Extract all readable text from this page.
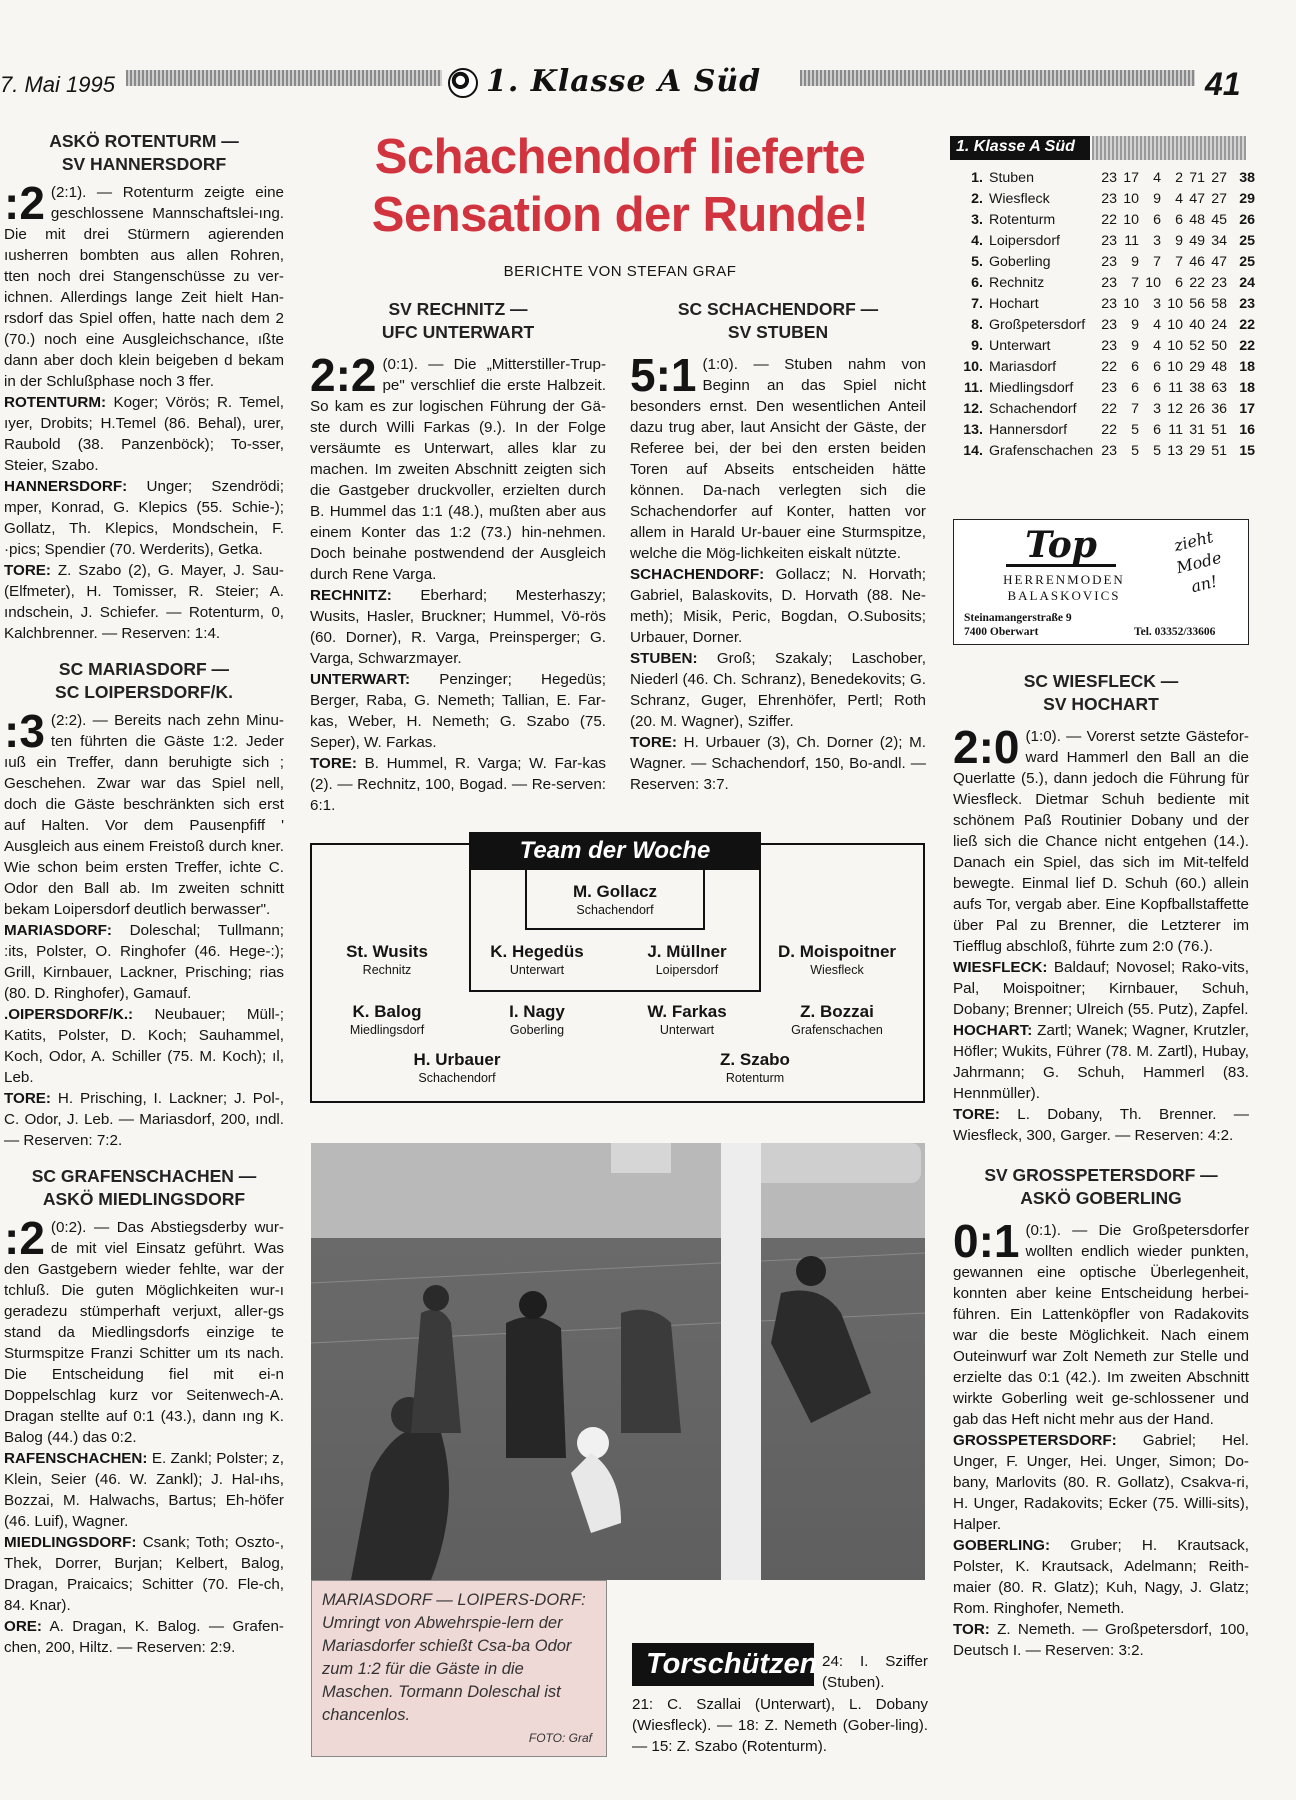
7. Mai 1995	1. Klasse A Süd	41
Schachendorf lieferte
Sensation der Runde!
BERICHTE VON STEFAN GRAF
ASKÖ ROTENTURM —
SV HANNERSDORF

:2 (2:1). — Rotenturm zeigte eine geschlossene Mannschaftslei-ıng. Die mit drei Stürmern agierenden ıusherren bombten aus allen Rohren, tten noch drei Stangenschüsse zu ver-ichnen. Allerdings lange Zeit hielt Han-rsdorf das Spiel offen, hatte nach dem 2 (70.) noch eine Ausgleichschance, ıßte dann aber doch klein beigeben d bekam in der Schlußphase noch 3 ffer.

ROTENTURM: Koger; Vörös; R. Temel, ıyer, Drobits; H.Temel (86. Behal), urer, Raubold (38. Panzenböck); To-sser, Steier, Szabo.

HANNERSDORF: Unger; Szendrödi; mper, Konrad, G. Klepics (55. Schie-); Gollatz, Th. Klepics, Mondschein, F. ·pics; Spendier (70. Werderits), Getka.

TORE: Z. Szabo (2), G. Mayer, J. Sau-(Elfmeter), H. Tomisser, R. Steier; A. ındschein, J. Schiefer. — Rotenturm, 0, Kalchbrenner. — Reserven: 1:4.

SC MARIASDORF —
SC LOIPERSDORF/K.

:3 (2:2). — Bereits nach zehn Minu-ten führten die Gäste 1:2. Jeder ıuß ein Treffer, dann beruhigte sich ; Geschehen. Zwar war das Spiel nell, doch die Gäste beschränkten sich erst auf Halten. Vor dem Pausenpfiff ' Ausgleich aus einem Freistoß durch kner. Wie schon beim ersten Treffer, ichte C. Odor den Ball ab. Im zweiten schnitt bekam Loipersdorf deutlich berwasser".

MARIASDORF: Doleschal; Tullmann; :its, Polster, O. Ringhofer (46. Hege-:); Grill, Kirnbauer, Lackner, Prisching; rias (80. D. Ringhofer), Gamauf.

.OIPERSDORF/K.: Neubauer; Müll-; Katits, Polster, D. Koch; Sauhammel, Koch, Odor, A. Schiller (75. M. Koch); ıl, Leb.

TORE: H. Prisching, I. Lackner; J. Pol-, C. Odor, J. Leb. — Mariasdorf, 200, ındl. — Reserven: 7:2.

SC GRAFENSCHACHEN —
ASKÖ MIEDLINGSDORF

:2 (0:2). — Das Abstiegsderby wur-de mit viel Einsatz geführt. Was den Gastgebern wieder fehlte, war der tchluß. Die guten Möglichkeiten wur-ı geradezu stümperhaft verjuxt, aller-gs stand da Miedlingsdorfs einzige te Sturmspitze Franzi Schitter um ıts nach. Die Entscheidung fiel mit ei-n Doppelschlag kurz vor Seitenwech-A. Dragan stellte auf 0:1 (43.), dann ıng K. Balog (44.) das 0:2.

RAFENSCHACHEN: E. Zankl; Polster; z, Klein, Seier (46. W. Zankl); J. Hal-ıhs, Bozzai, M. Halwachs, Bartus; Eh-höfer (46. Luif), Wagner.

MIEDLINGSDORF: Csank; Toth; Oszto-, Thek, Dorrer, Burjan; Kelbert, Balog, Dragan, Praicaics; Schitter (70. Fle-ch, 84. Knar).

ORE: A. Dragan, K. Balog. — Grafen-chen, 200, Hiltz. — Reserven: 2:9.

SV RECHNITZ —
UFC UNTERWART

2:2 (0:1). — Die „Mitterstiller-Trup-pe" verschlief die erste Halbzeit. So kam es zur logischen Führung der Gä-ste durch Willi Farkas (9.). In der Folge versäumte es Unterwart, alles klar zu machen. Im zweiten Abschnitt zeigten sich die Gastgeber druckvoller, erzielten durch B. Hummel das 1:1 (48.), mußten aber aus einem Konter das 1:2 (73.) hin-nehmen. Doch beinahe postwendend der Ausgleich durch Rene Varga.

RECHNITZ: Eberhard; Mesterhaszy; Wusits, Hasler, Bruckner; Hummel, Vö-rös (60. Dorner), R. Varga, Preinsperger; G. Varga, Schwarzmayer.

UNTERWART: Penzinger; Hegedüs; Berger, Raba, G. Nemeth; Tallian, E. Far-kas, Weber, H. Nemeth; G. Szabo (75. Seper), W. Farkas.

TORE: B. Hummel, R. Varga; W. Far-kas (2). — Rechnitz, 100, Bogad. — Re-serven: 6:1.

SC SCHACHENDORF —
SV STUBEN

5:1 (1:0). — Stuben nahm von Beginn an das Spiel nicht besonders ernst. Den wesentlichen Anteil dazu trug aber, laut Ansicht der Gäste, der Referee bei, der bei den ersten beiden Toren auf Abseits entscheiden hätte können. Da-nach verlegten sich die Schachendorfer auf Konter, hatten vor allem in Harald Ur-bauer eine Sturmspitze, welche die Mög-lichkeiten eiskalt nützte.

SCHACHENDORF: Gollacz; N. Horvath; Gabriel, Balaskovits, D. Horvath (88. Ne-meth); Misik, Peric, Bogdan, O.Subosits; Urbauer, Dorner.

STUBEN: Groß; Szakaly; Laschober, Niederl (46. Ch. Schranz), Benedekovits; G. Schranz, Guger, Ehrenhöfer, Pertl; Roth (20. M. Wagner), Sziffer.

TORE: H. Urbauer (3), Ch. Dorner (2); M. Wagner. — Schachendorf, 150, Bo-andl. — Reserven: 3:7.

1. Klasse A Süd
1.	Stuben	23	17	4	2	71	27	38
2.	Wiesfleck	23	10	9	4	47	27	29
3.	Rotenturm	22	10	6	6	48	45	26
4.	Loipersdorf	23	11	3	9	49	34	25
5.	Goberling	23	9	7	7	46	47	25
6.	Rechnitz	23	7	10	6	22	23	24
7.	Hochart	23	10	3	10	56	58	23
8.	Großpetersdorf	23	9	4	10	40	24	22
9.	Unterwart	23	9	4	10	52	50	22
10.	Mariasdorf	22	6	6	10	29	48	18
11.	Miedlingsdorf	23	6	6	11	38	63	18
12.	Schachendorf	22	7	3	12	26	36	17
13.	Hannersdorf	22	5	6	11	31	51	16
14.	Grafenschachen	23	5	5	13	29	51	15
Top
HERRENMODEN
BALASKOVICS
zieht Mode an!
Steinamangerstraße 9
7400 Oberwart	Tel. 03352/33606
SC WIESFLECK —
SV HOCHART

2:0 (1:0). — Vorerst setzte Gästefor-ward Hammerl den Ball an die Querlatte (5.), dann jedoch die Führung für Wiesfleck. Dietmar Schuh bediente mit schönem Paß Routinier Dobany und der ließ sich die Chance nicht entgehen (14.). Danach ein Spiel, das sich im Mit-telfeld bewegte. Einmal lief D. Schuh (60.) allein aufs Tor, vergab aber. Eine Kopfballstaffette über Pal zu Brenner, die Letzterer im Tiefflug abschloß, führte zum 2:0 (76.).

WIESFLECK: Baldauf; Novosel; Rako-vits, Pal, Moispoitner; Kirnbauer, Schuh, Dobany; Brenner; Ulreich (55. Putz), Zapfel.

HOCHART: Zartl; Wanek; Wagner, Krutzler, Höfler; Wukits, Führer (78. M. Zartl), Hubay, Jahrmann; G. Schuh, Hammerl (83. Hennmüller).

TORE: L. Dobany, Th. Brenner. — Wiesfleck, 300, Garger. — Reserven: 4:2.

SV GROSSPETERSDORF —
ASKÖ GOBERLING

0:1 (0:1). — Die Großpetersdorfer wollten endlich wieder punkten, gewannen eine optische Überlegenheit, konnten aber keine Entscheidung herbei-führen. Ein Lattenköpfler von Radakovits war die beste Möglichkeit. Nach einem Outeinwurf war Zolt Nemeth zur Stelle und erzielte das 0:1 (42.). Im zweiten Abschnitt wirkte Goberling weit ge-schlossener und gab das Heft nicht mehr aus der Hand.

GROSSPETERSDORF: Gabriel; Hel. Unger, F. Unger, Hei. Unger, Simon; Do-bany, Marlovits (80. R. Gollatz), Csakva-ri, H. Unger, Radakovits; Ecker (75. Willi-sits), Halper.

GOBERLING: Gruber; H. Krautsack, Polster, K. Krautsack, Adelmann; Reith-maier (80. R. Glatz); Kuh, Nagy, J. Glatz; Rom. Ringhofer, Nemeth.

TOR: Z. Nemeth. — Großpetersdorf, 100, Deutsch I. — Reserven: 3:2.

Team der Woche
M. Gollacz
Schachendorf
St. Wusits
Rechnitz
K. Hegedüs
Unterwart
J. Müllner
Loipersdorf
D. Moispoitner
Wiesfleck
K. Balog
Miedlingsdorf
I. Nagy
Goberling
W. Farkas
Unterwart
Z. Bozzai
Grafenschachen
H. Urbauer
Schachendorf
Z. Szabo
Rotenturm
MARIASDORF — LOIPERS-DORF: Umringt von Abwehrspie-lern der Mariasdorfer schießt Csa-ba Odor zum 1:2 für die Gäste in die Maschen. Tormann Doleschal ist chancenlos.
FOTO: Graf
Torschützen 24: I. Sziffer (Stuben).
21: C. Szallai (Unterwart), L. Dobany (Wiesfleck). — 18: Z. Nemeth (Gober-ling). — 15: Z. Szabo (Rotenturm).
